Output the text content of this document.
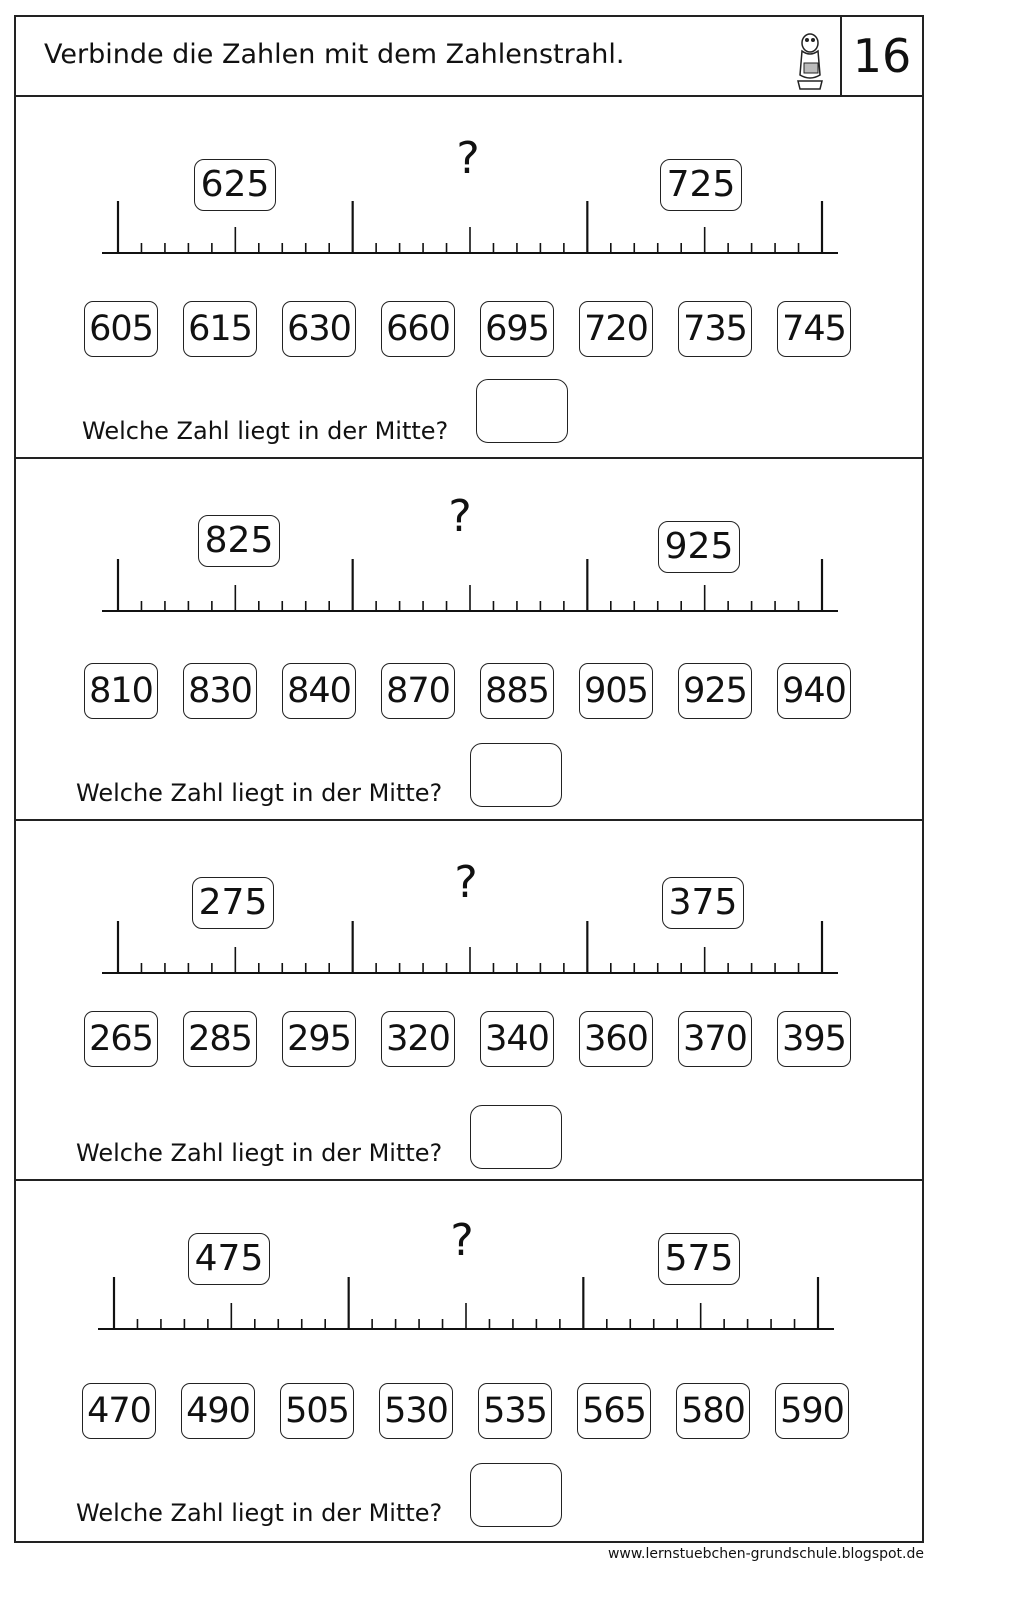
Verbinde die Zahlen mit dem Zahlenstrahl.	16
625
?
725
605 615 630 660 695 720 735 745
Welche Zahl liegt in der Mitte?
825	?
925
810 830 840 870 885 905 925 940
Welche Zahl liegt in der Mitte?
275	?	375
265 285 295 320 340 360 370 395
Welche Zahl liegt in der Mitte?
475	?	575
470 490 505 530 535 565 580 590
Welche Zahl liegt in der Mitte?
www.lernstuebchen-grundschule.blogspot.de
